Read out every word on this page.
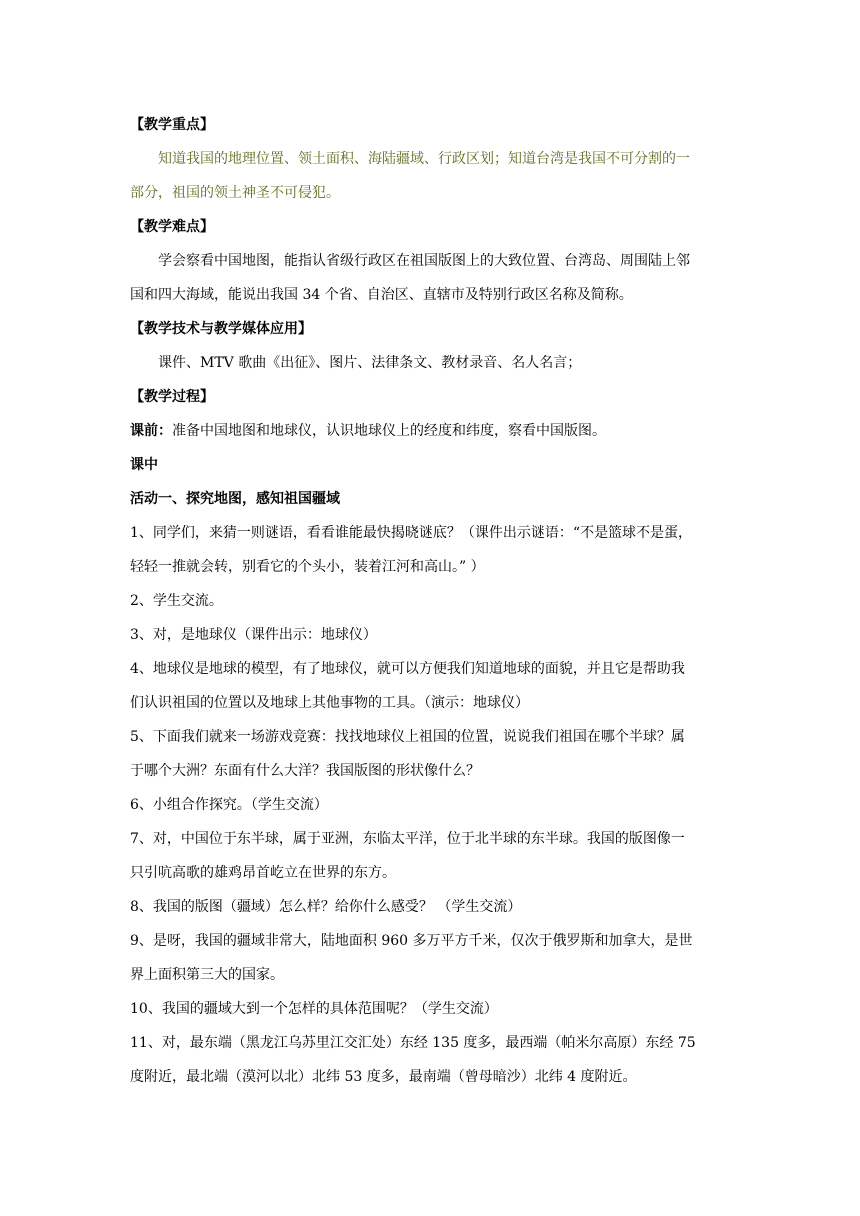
【教学重点】
知道我国的地理位置、领土面积、海陆疆域、行政区划；知道台湾是我国不可分割的一
部分，祖国的领土神圣不可侵犯。
【教学难点】
学会察看中国地图，能指认省级行政区在祖国版图上的大致位置、台湾岛、周围陆上邻
国和四大海域，能说出我国 34 个省、自治区、直辖市及特别行政区名称及简称。
【教学技术与教学媒体应用】
课件、MTV 歌曲《出征》、图片、法律条文、教材录音、名人名言；
【教学过程】
课前：准备中国地图和地球仪，认识地球仪上的经度和纬度，察看中国版图。
课中
活动一、探究地图，感知祖国疆域
1、同学们，来猜一则谜语，看看谁能最快揭晓谜底？（课件出示谜语：“不是篮球不是蛋，
轻轻一推就会转，别看它的个头小，装着江河和高山。” ）
2、学生交流。
3、对，是地球仪（课件出示：地球仪）
4、地球仪是地球的模型，有了地球仪，就可以方便我们知道地球的面貌，并且它是帮助我
们认识祖国的位置以及地球上其他事物的工具。（演示：地球仪）
5、下面我们就来一场游戏竞赛：找找地球仪上祖国的位置，说说我们祖国在哪个半球？属
于哪个大洲？东面有什么大洋？我国版图的形状像什么？
6、小组合作探究。（学生交流）
7、对，中国位于东半球，属于亚洲，东临太平洋，位于北半球的东半球。我国的版图像一
只引吭高歌的雄鸡昂首屹立在世界的东方。
8、我国的版图（疆域）怎么样？给你什么感受？ （学生交流）
9、是呀，我国的疆域非常大，陆地面积 960 多万平方千米，仅次于俄罗斯和加拿大，是世
界上面积第三大的国家。
10、我国的疆域大到一个怎样的具体范围呢？（学生交流）
11、对，最东端（黑龙江乌苏里江交汇处）东经 135 度多，最西端（帕米尔高原）东经 75
度附近，最北端（漠河以北）北纬 53 度多，最南端（曾母暗沙）北纬 4 度附近。
